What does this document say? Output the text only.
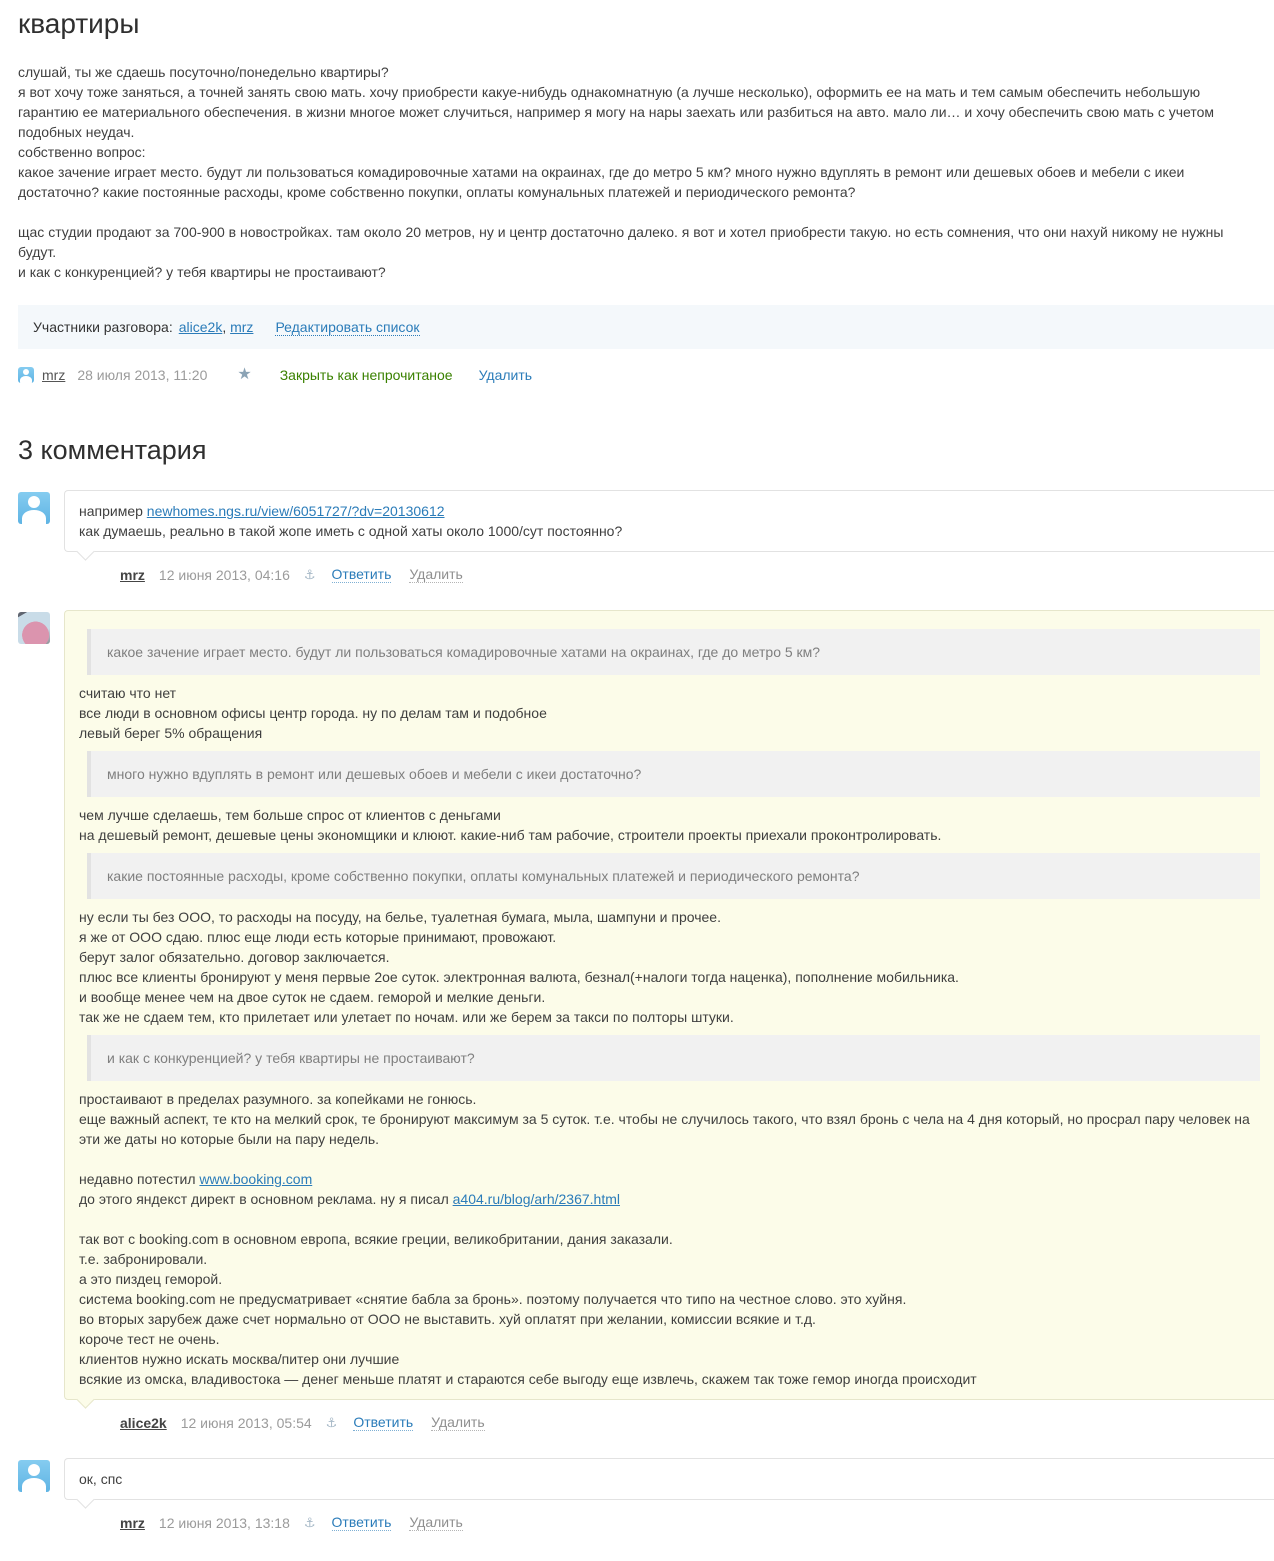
квартиры
слушай, ты же сдаешь посуточно/понедельно квартиры?
я вот хочу тоже заняться, а точней занять свою мать. хочу приобрести какуе-нибудь однакомнатную (а лучше несколько), оформить ее на мать и тем самым обеспечить небольшую гарантию ее материального обеспечения. в жизни многое может случиться, например я могу на нары заехать или разбиться на авто. мало ли… и хочу обеспечить свою мать с учетом подобных неудач.
собственно вопрос:
какое зачение играет место. будут ли пользоваться комадировочные хатами на окраинах, где до метро 5 км? много нужно вдуплять в ремонт или дешевых обоев и мебели с икеи достаточно? какие постоянные расходы, кроме собственно покупки, оплаты комунальных платежей и периодического ремонта?

щас студии продают за 700-900 в новостройках. там около 20 метров, ну и центр достаточно далеко. я вот и хотел приобрести такую. но есть сомнения, что они нахуй никому не нужны будут.
и как с конкуренцией? у тебя квартиры не простаивают?
Участники разговора: alice2k, mrz Редактировать список
mrz 28 июля 2013, 11:20 ★ Закрыть как непрочитаное Удалить
3 комментария
например newhomes.ngs.ru/view/6051727/?dv=20130612
как думаешь, реально в такой жопе иметь с одной хаты около 1000/сут постоянно?
mrz 12 июня 2013, 04:16 ⚓ Ответить Удалить
какое зачение играет место. будут ли пользоваться комадировочные хатами на окраинах, где до метро 5 км?
считаю что нет
все люди в основном офисы центр города. ну по делам там и подобное
левый берег 5% обращения
много нужно вдуплять в ремонт или дешевых обоев и мебели с икеи достаточно?
чем лучше сделаешь, тем больше спрос от клиентов с деньгами
на дешевый ремонт, дешевые цены экономщики и клюют. какие-ниб там рабочие, строители проекты приехали проконтролировать.
какие постоянные расходы, кроме собственно покупки, оплаты комунальных платежей и периодического ремонта?
ну если ты без ООО, то расходы на посуду, на белье, туалетная бумага, мыла, шампуни и прочее.
я же от ООО сдаю. плюс еще люди есть которые принимают, провожают.
берут залог обязательно. договор заключается.
плюс все клиенты бронируют у меня первые 2ое суток. электронная валюта, безнал(+налоги тогда наценка), пополнение мобильника.
и вообще менее чем на двое суток не сдаем. геморой и мелкие деньги.
так же не сдаем тем, кто прилетает или улетает по ночам. или же берем за такси по полторы штуки.
и как с конкуренцией? у тебя квартиры не простаивают?
простаивают в пределах разумного. за копейками не гонюсь.
еще важный аспект, те кто на мелкий срок, те бронируют максимум за 5 суток. т.е. чтобы не случилось такого, что взял бронь с чела на 4 дня который, но просрал пару человек на эти же даты но которые были на пару недель.

недавно потестил www.booking.com
до этого яндекст директ в основном реклама. ну я писал a404.ru/blog/arh/2367.html

так вот с booking.com в основном европа, всякие греции, великобритании, дания заказали.
т.е. забронировали.
а это пиздец геморой.
система booking.com не предусматривает «снятие бабла за бронь». поэтому получается что типо на честное слово. это хуйня.
во вторых зарубеж даже счет нормально от ООО не выставить. хуй оплатят при желании, комиссии всякие и т.д.
короче тест не очень.
клиентов нужно искать москва/питер они лучшие
всякие из омска, владивостока — денег меньше платят и стараются себе выгоду еще извлечь, скажем так тоже гемор иногда происходит
alice2k 12 июня 2013, 05:54 ⚓ Ответить Удалить
ок, спс
mrz 12 июня 2013, 13:18 ⚓ Ответить Удалить
